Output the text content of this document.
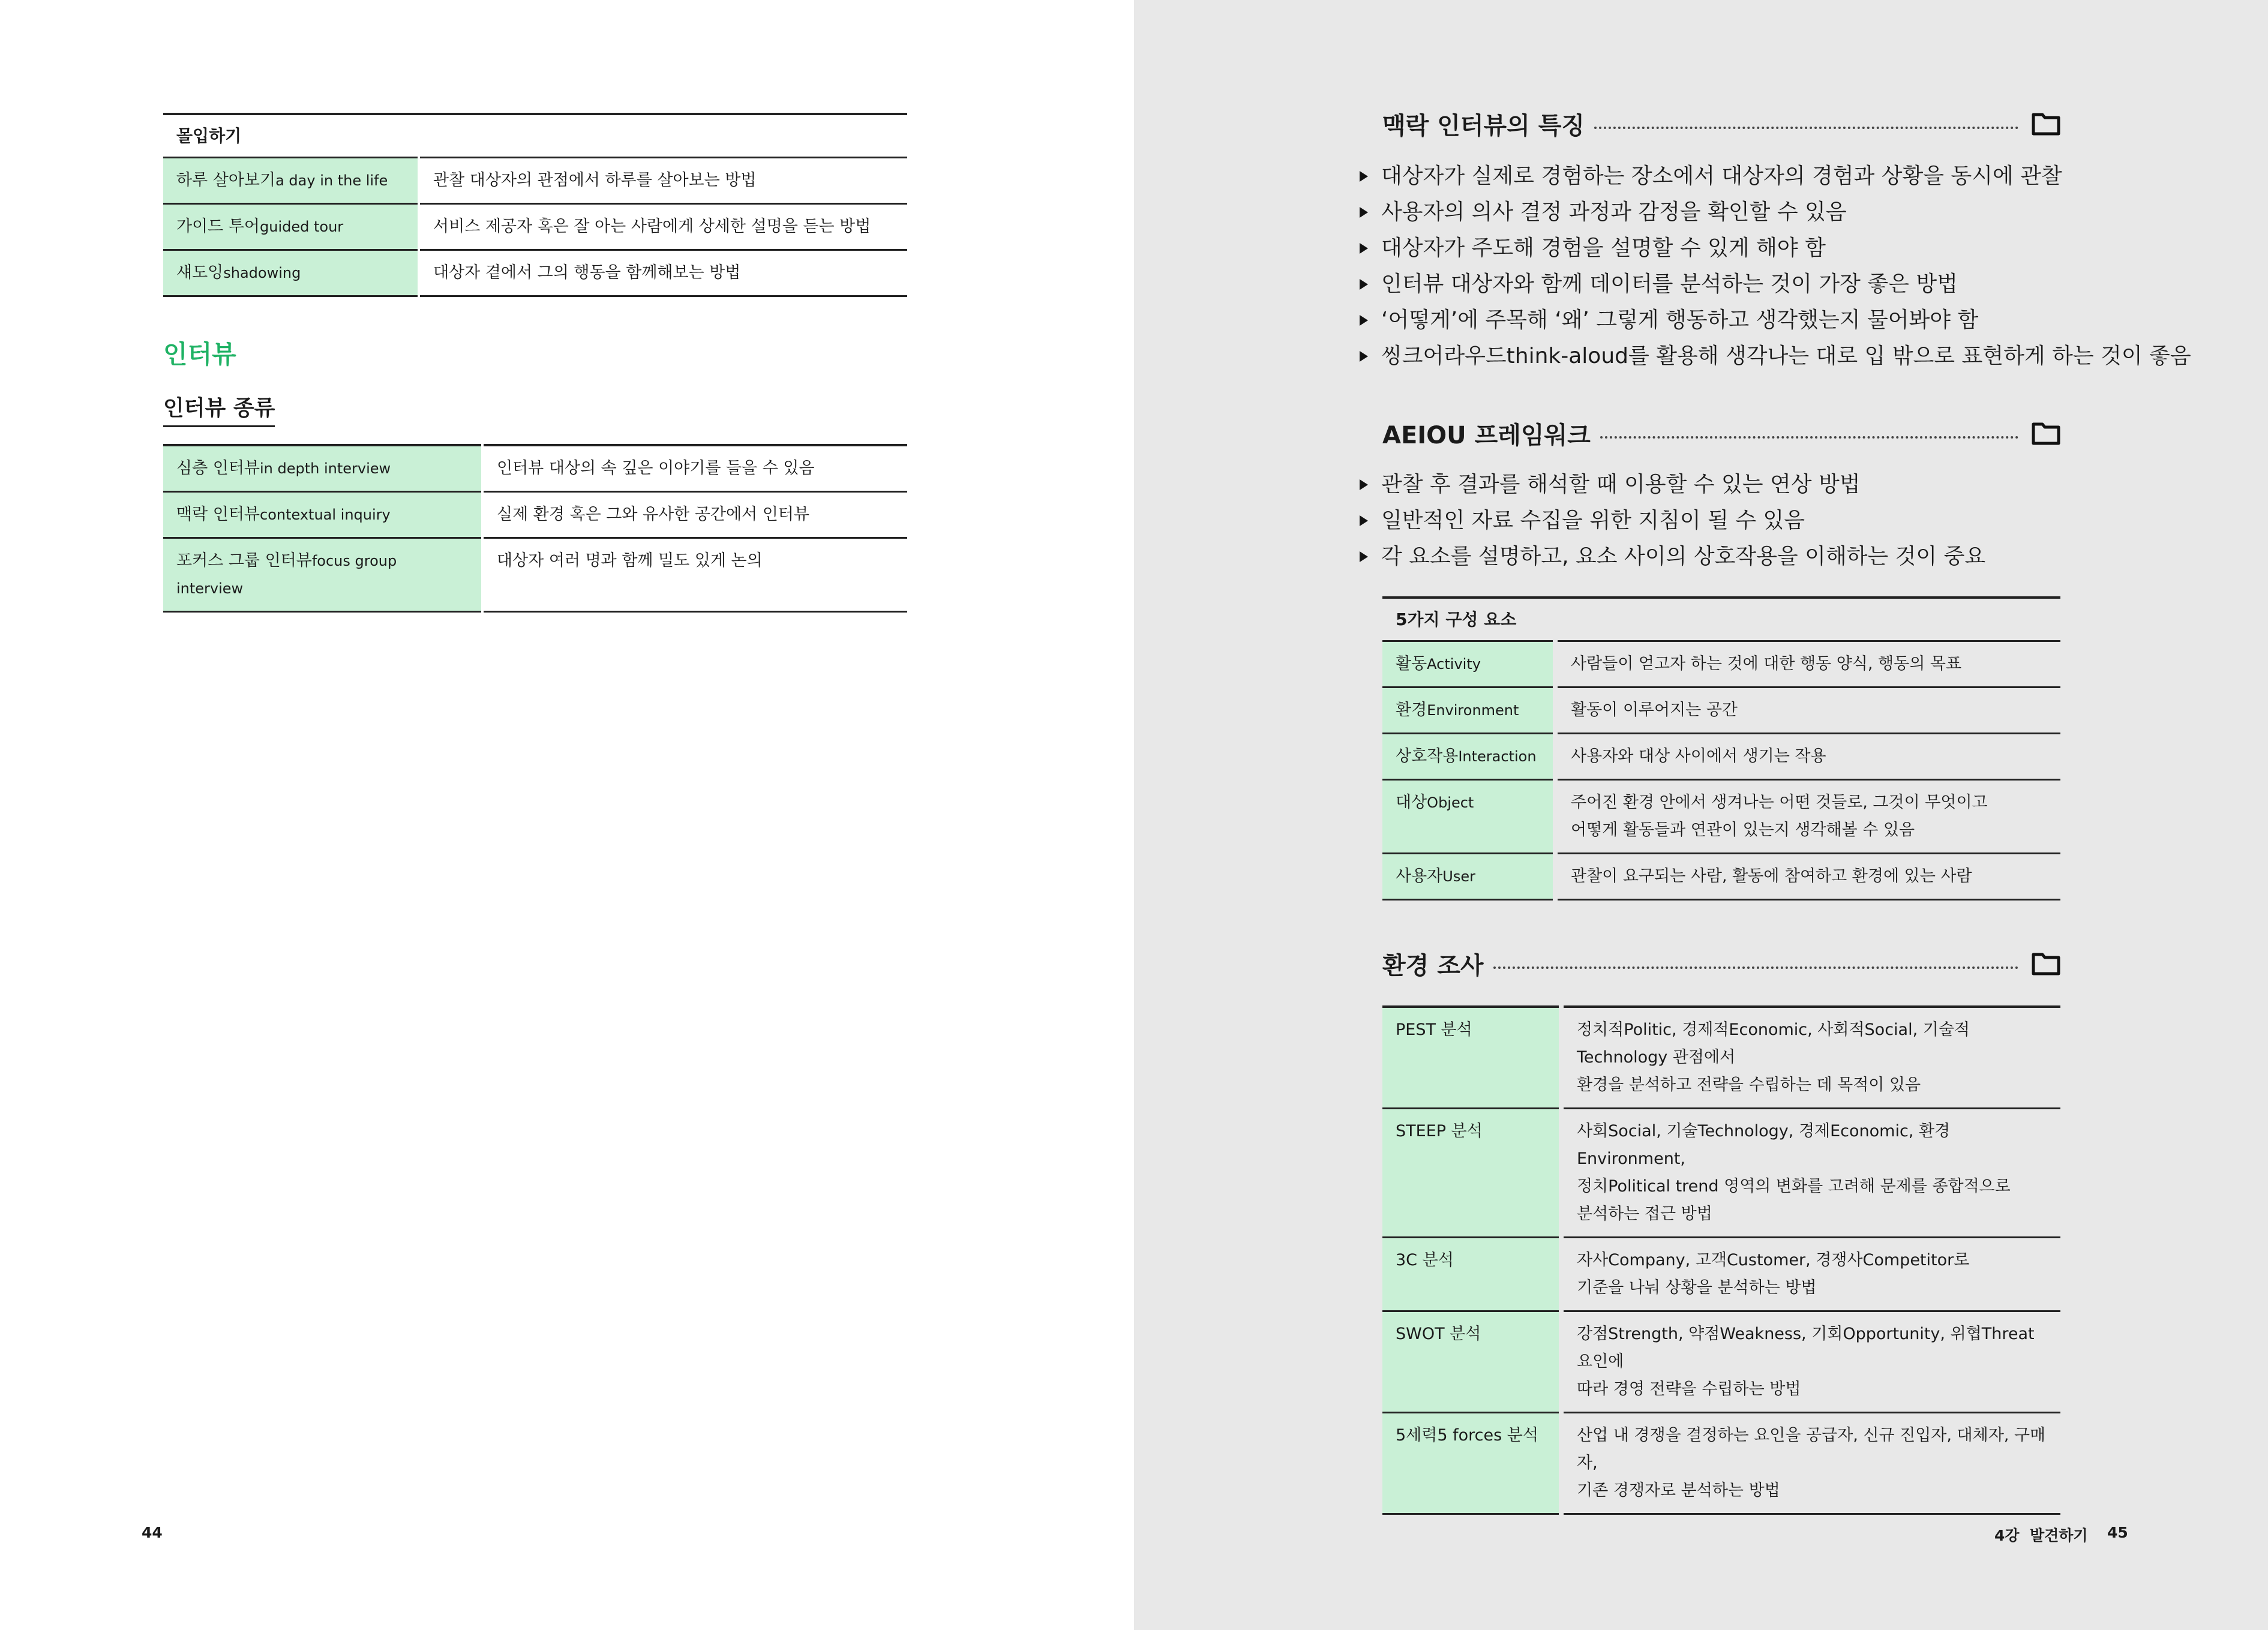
몰입하기	
하루 살아보기a day in the life	관찰 대상자의 관점에서 하루를 살아보는 방법
가이드 투어guided tour	서비스 제공자 혹은 잘 아는 사람에게 상세한 설명을 듣는 방법
섀도잉shadowing	대상자 곁에서 그의 행동을 함께해보는 방법
인터뷰
인터뷰 종류
심층 인터뷰in depth interview	인터뷰 대상의 속 깊은 이야기를 들을 수 있음
맥락 인터뷰contextual inquiry	실제 환경 혹은 그와 유사한 공간에서 인터뷰
포커스 그룹 인터뷰focus group interview	대상자 여러 명과 함께 밀도 있게 논의
44
맥락 인터뷰의 특징
대상자가 실제로 경험하는 장소에서 대상자의 경험과 상황을 동시에 관찰
사용자의 의사 결정 과정과 감정을 확인할 수 있음
대상자가 주도해 경험을 설명할 수 있게 해야 함
인터뷰 대상자와 함께 데이터를 분석하는 것이 가장 좋은 방법
‘어떻게’에 주목해 ‘왜’ 그렇게 행동하고 생각했는지 물어봐야 함
씽크어라우드think-aloud를 활용해 생각나는 대로 입 밖으로 표현하게 하는 것이 좋음
AEIOU 프레임워크
관찰 후 결과를 해석할 때 이용할 수 있는 연상 방법
일반적인 자료 수집을 위한 지침이 될 수 있음
각 요소를 설명하고, 요소 사이의 상호작용을 이해하는 것이 중요
5가지 구성 요소	
활동Activity	사람들이 얻고자 하는 것에 대한 행동 양식, 행동의 목표
환경Environment	활동이 이루어지는 공간
상호작용Interaction	사용자와 대상 사이에서 생기는 작용
대상Object	주어진 환경 안에서 생겨나는 어떤 것들로, 그것이 무엇이고
어떻게 활동들과 연관이 있는지 생각해볼 수 있음

사용자User	관찰이 요구되는 사람, 활동에 참여하고 환경에 있는 사람
환경 조사
PEST 분석	정치적Politic, 경제적Economic, 사회적Social, 기술적Technology 관점에서
환경을 분석하고 전략을 수립하는 데 목적이 있음

STEEP 분석	사회Social, 기술Technology, 경제Economic, 환경Environment,
정치Political trend 영역의 변화를 고려해 문제를 종합적으로
분석하는 접근 방법

3C 분석	자사Company, 고객Customer, 경쟁사Competitor로
기준을 나눠 상황을 분석하는 방법

SWOT 분석	강점Strength, 약점Weakness, 기회Opportunity, 위협Threat 요인에
따라 경영 전략을 수립하는 방법

5세력5 forces 분석	산업 내 경쟁을 결정하는 요인을 공급자, 신규 진입자, 대체자, 구매자,
기존 경쟁자로 분석하는 방법
4강  발견하기 45
